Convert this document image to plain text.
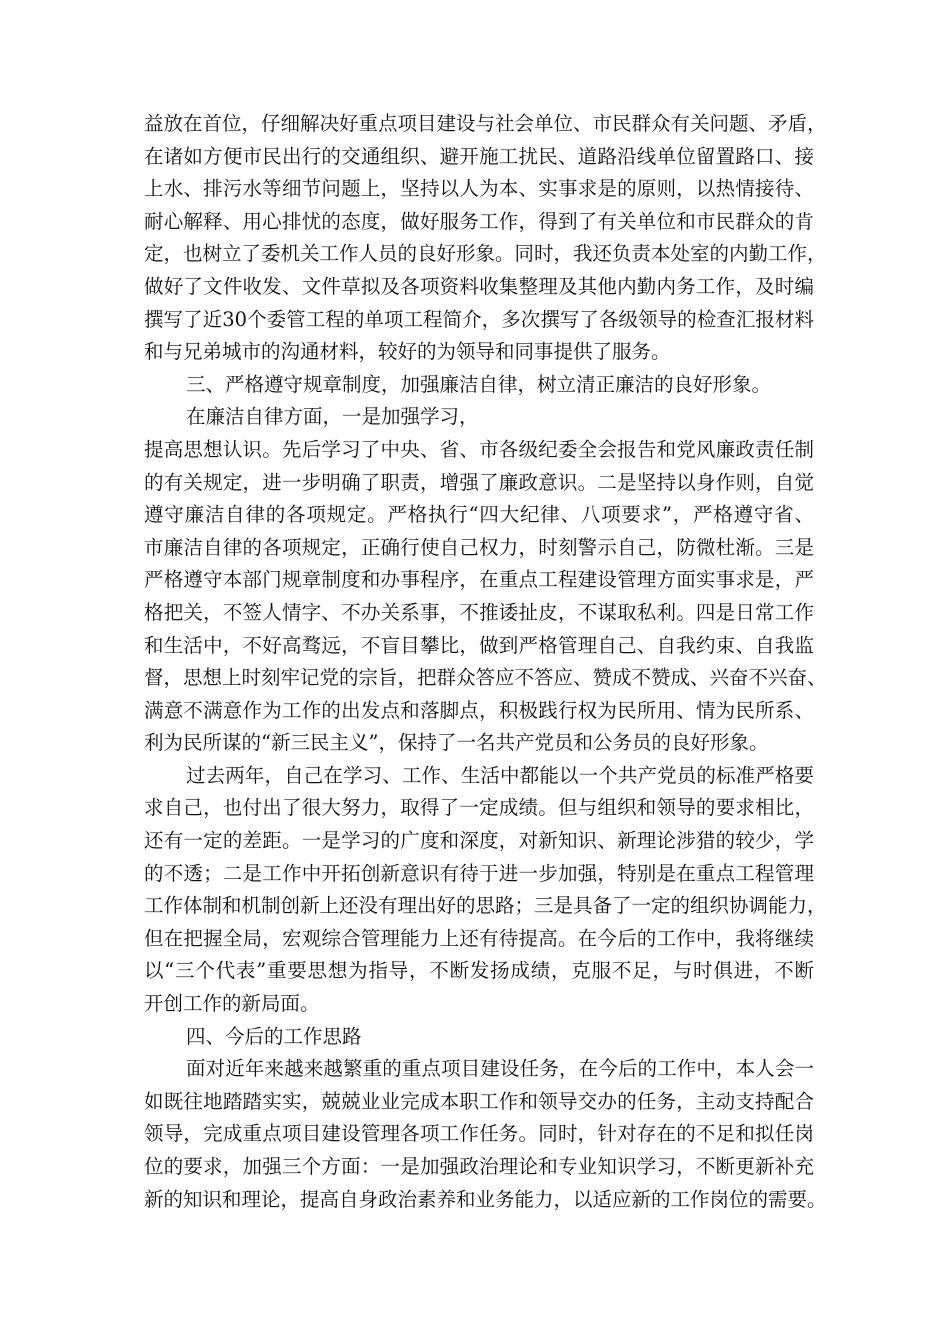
益放在首位，仔细解决好重点项目建设与社会单位、市民群众有关问题、矛盾，
在诸如方便市民出行的交通组织、避开施工扰民、道路沿线单位留置路口、接
上水、排污水等细节问题上，坚持以人为本、实事求是的原则，以热情接待、
耐心解释、用心排忧的态度，做好服务工作，得到了有关单位和市民群众的肯
定，也树立了委机关工作人员的良好形象。同时，我还负责本处室的内勤工作，
做好了文件收发、文件草拟及各项资料收集整理及其他内勤内务工作，及时编
撰写了近30个委管工程的单项工程简介，多次撰写了各级领导的检查汇报材料
和与兄弟城市的沟通材料，较好的为领导和同事提供了服务。
三、严格遵守规章制度，加强廉洁自律，树立清正廉洁的良好形象。
在廉洁自律方面，一是加强学习，
提高思想认识。先后学习了中央、省、市各级纪委全会报告和党风廉政责任制
的有关规定，进一步明确了职责，增强了廉政意识。二是坚持以身作则，自觉
遵守廉洁自律的各项规定。严格执行“四大纪律、八项要求”，严格遵守省、
市廉洁自律的各项规定，正确行使自己权力，时刻警示自己，防微杜渐。三是
严格遵守本部门规章制度和办事程序，在重点工程建设管理方面实事求是，严
格把关，不签人情字、不办关系事，不推诿扯皮，不谋取私利。四是日常工作
和生活中，不好高骛远，不盲目攀比，做到严格管理自己、自我约束、自我监
督，思想上时刻牢记党的宗旨，把群众答应不答应、赞成不赞成、兴奋不兴奋、
满意不满意作为工作的出发点和落脚点，积极践行权为民所用、情为民所系、
利为民所谋的“新三民主义”，保持了一名共产党员和公务员的良好形象。
过去两年，自己在学习、工作、生活中都能以一个共产党员的标准严格要
求自己，也付出了很大努力，取得了一定成绩。但与组织和领导的要求相比，
还有一定的差距。一是学习的广度和深度，对新知识、新理论涉猎的较少，学
的不透；二是工作中开拓创新意识有待于进一步加强，特别是在重点工程管理
工作体制和机制创新上还没有理出好的思路；三是具备了一定的组织协调能力，
但在把握全局，宏观综合管理能力上还有待提高。在今后的工作中，我将继续
以“三个代表”重要思想为指导，不断发扬成绩，克服不足，与时俱进，不断
开创工作的新局面。
四、今后的工作思路
面对近年来越来越繁重的重点项目建设任务，在今后的工作中，本人会一
如既往地踏踏实实，兢兢业业完成本职工作和领导交办的任务，主动支持配合
领导，完成重点项目建设管理各项工作任务。同时，针对存在的不足和拟任岗
位的要求，加强三个方面：一是加强政治理论和专业知识学习，不断更新补充
新的知识和理论，提高自身政治素养和业务能力，以适应新的工作岗位的需要。
